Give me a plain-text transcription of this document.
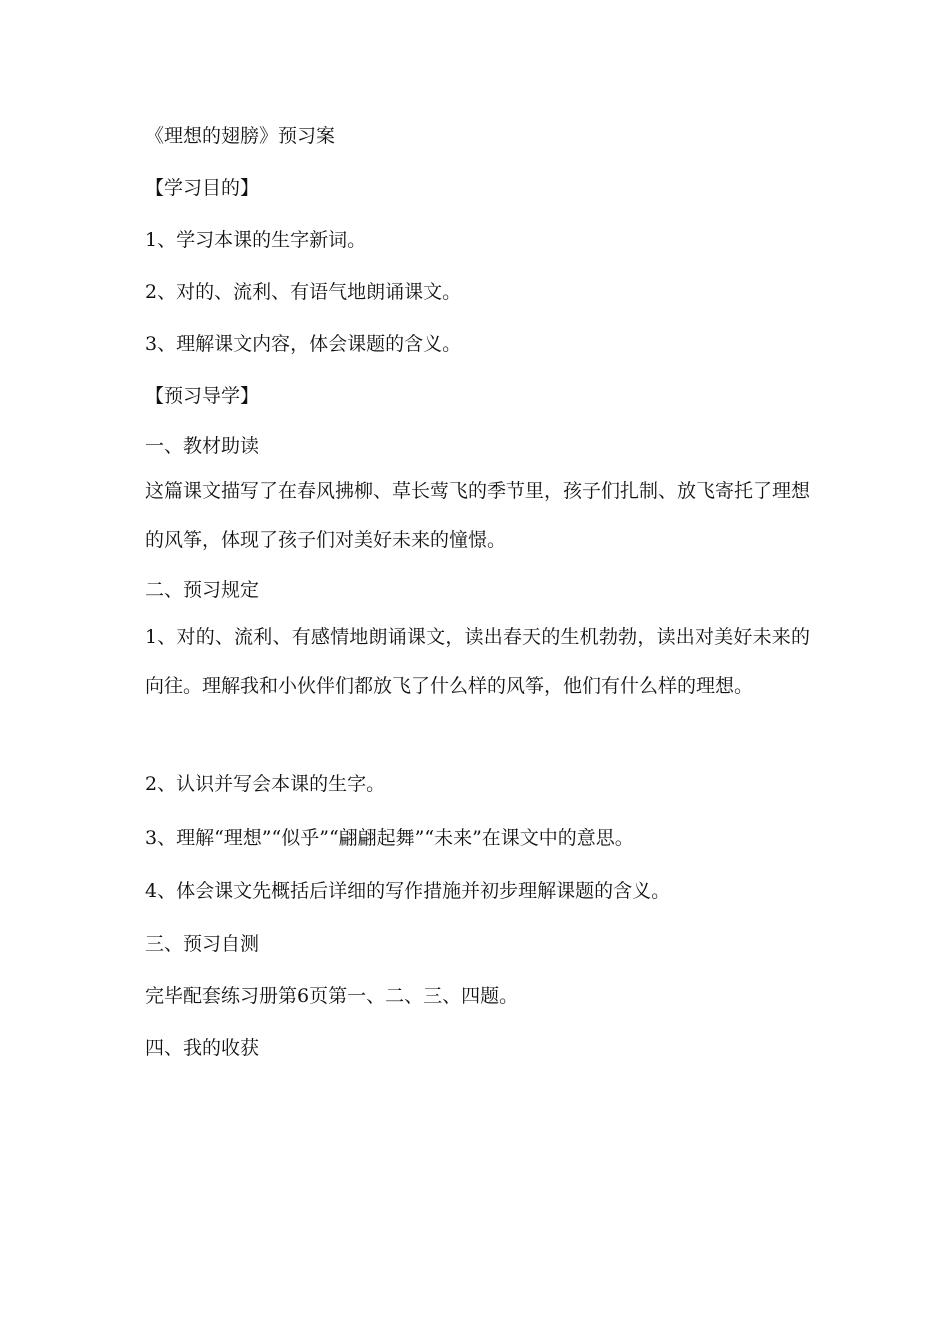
《理想的翅膀》预习案

【学习目的】

1、学习本课的生字新词。

2、对的、流利、有语气地朗诵课文。

3、理解课文内容，体会课题的含义。

【预习导学】

一、教材助读

这篇课文描写了在春风拂柳、草长莺飞的季节里，孩子们扎制、放飞寄托了理想的风筝，体现了孩子们对美好未来的憧憬。

二、预习规定

1、对的、流利、有感情地朗诵课文，读出春天的生机勃勃，读出对美好未来的向往。理解我和小伙伴们都放飞了什么样的风筝，他们有什么样的理想。

2、认识并写会本课的生字。

3、理解“理想”“似乎”“翩翩起舞”“未来”在课文中的意思。

4、体会课文先概括后详细的写作措施并初步理解课题的含义。

三、预习自测

完毕配套练习册第6页第一、二、三、四题。

四、我的收获
